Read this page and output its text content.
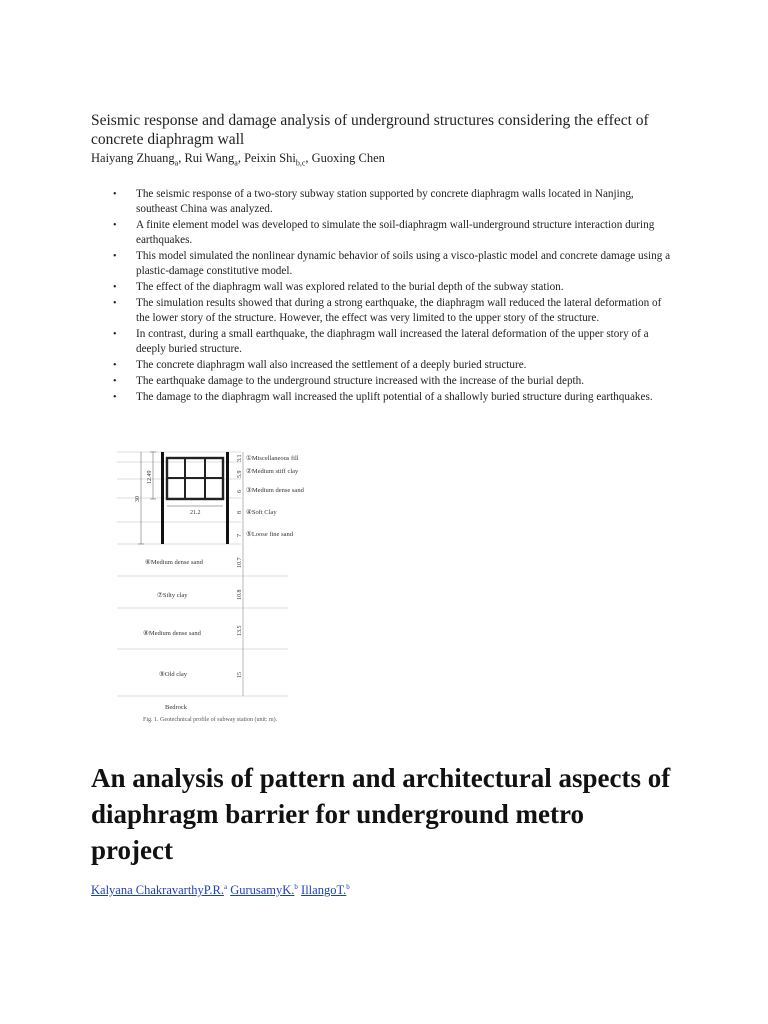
Seismic response and damage analysis of underground structures considering the effect of concrete diaphragm wall
Haiyang Zhuang$_a$, Rui Wang$_a$, Peixin Shi$_{b,c}$, Guoxing Chen
• The seismic response of a two-story subway station supported by concrete diaphragm walls located in Nanjing, southeast China was analyzed.
• A finite element model was developed to simulate the soil-diaphragm wall-underground structure interaction during earthquakes.
• This model simulated the nonlinear dynamic behavior of soils using a visco-plastic model and concrete damage using a plastic-damage constitutive model.
• The effect of the diaphragm wall was explored related to the burial depth of the subway station.
• The simulation results showed that during a strong earthquake, the diaphragm wall reduced the lateral deformation of the lower story of the structure. However, the effect was very limited to the upper story of the structure.
• In contrast, during a small earthquake, the diaphragm wall increased the lateral deformation of the upper story of a deeply buried structure.
• The concrete diaphragm wall also increased the settlement of a deeply buried structure.
• The earthquake damage to the underground structure increased with the increase of the burial depth.
• The damage to the diaphragm wall increased the uplift potential of a shallowly buried structure during earthquakes.
12.49
30
21.2
3.1 ①Miscellaneous fill
5.9 ②Medium stiff clay
6 ③Medium dense sand
8 ④Soft Clay
7 ⑤Loose fine sand
10.7
⑥Medium dense sand
10.8
⑦Silty clay
13.5
⑧Medium dense sand
15
⑨Old clay
Bedrock
Fig. 1. Geotechnical profile of subway station (unit: m).
An analysis of pattern and architectural aspects of diaphragm barrier for underground metro project
Kalyana ChakravarthyP.R.$^a$ GurusamyK.$^b$ IllangoT.$^b$
